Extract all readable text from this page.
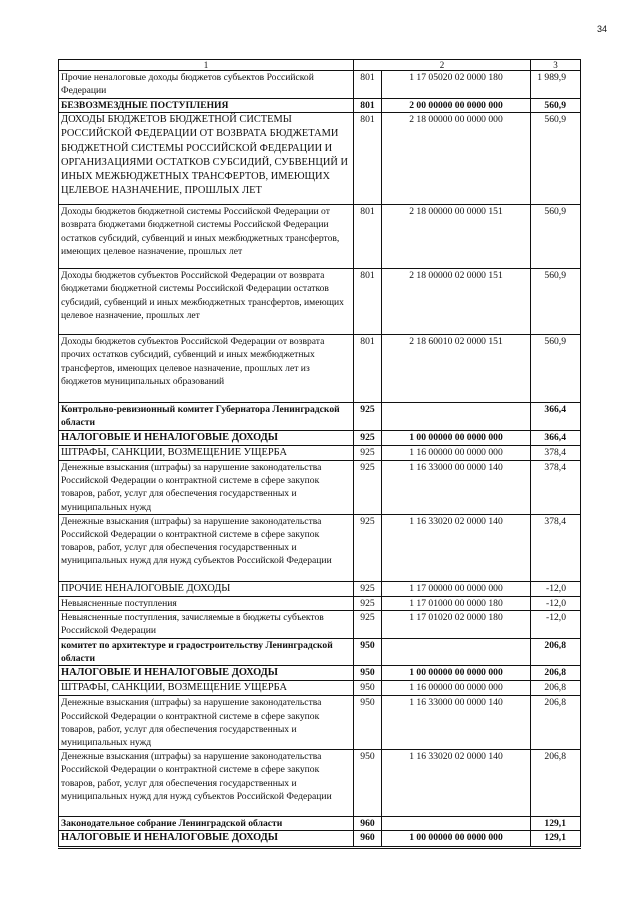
34
1	2		3
Прочие неналоговые доходы бюджетов субъектов Российской Федерации	801	1 17 05020 02 0000 180	1 989,9
БЕЗВОЗМЕЗДНЫЕ ПОСТУПЛЕНИЯ	801	2 00 00000 00 0000 000	560,9
ДОХОДЫ БЮДЖЕТОВ БЮДЖЕТНОЙ СИСТЕМЫ РОССИЙСКОЙ ФЕДЕРАЦИИ ОТ ВОЗВРАТА БЮДЖЕТАМИ БЮДЖЕТНОЙ СИСТЕМЫ РОССИЙСКОЙ ФЕДЕРАЦИИ И ОРГАНИЗАЦИЯМИ ОСТАТКОВ СУБСИДИЙ, СУБВЕНЦИЙ И ИНЫХ МЕЖБЮДЖЕТНЫХ ТРАНСФЕРТОВ, ИМЕЮЩИХ ЦЕЛЕВОЕ НАЗНАЧЕНИЕ, ПРОШЛЫХ ЛЕТ	801	2 18 00000 00 0000 000	560,9
Доходы бюджетов бюджетной системы Российской Федерации от возврата бюджетами бюджетной системы Российской Федерации остатков субсидий, субвенций и иных межбюджетных трансфертов, имеющих целевое назначение, прошлых лет	801	2 18 00000 00 0000 151	560,9
Доходы бюджетов субъектов Российской Федерации от возврата бюджетами бюджетной системы Российской Федерации остатков субсидий, субвенций и иных межбюджетных трансфертов, имеющих целевое назначение, прошлых лет	801	2 18 00000 02 0000 151	560,9
Доходы бюджетов субъектов Российской Федерации от возврата прочих остатков субсидий, субвенций и иных межбюджетных трансфертов, имеющих целевое назначение, прошлых лет из бюджетов муниципальных образований	801	2 18 60010 02 0000 151	560,9
Контрольно-ревизионный комитет Губернатора Ленинградской области	925		366,4
НАЛОГОВЫЕ И НЕНАЛОГОВЫЕ ДОХОДЫ	925	1 00 00000 00 0000 000	366,4
ШТРАФЫ, САНКЦИИ, ВОЗМЕЩЕНИЕ УЩЕРБА	925	1 16 00000 00 0000 000	378,4
Денежные взыскания (штрафы) за нарушение законодательства Российской Федерации о контрактной системе в сфере закупок товаров, работ, услуг для обеспечения государственных и муниципальных нужд	925	1 16 33000 00 0000 140	378,4
Денежные взыскания (штрафы) за нарушение законодательства Российской Федерации о контрактной системе в сфере закупок товаров, работ, услуг для обеспечения государственных и муниципальных нужд для нужд субъектов Российской Федерации	925	1 16 33020 02 0000 140	378,4
ПРОЧИЕ НЕНАЛОГОВЫЕ ДОХОДЫ	925	1 17 00000 00 0000 000	-12,0
Невыясненные поступления	925	1 17 01000 00 0000 180	-12,0
Невыясненные поступления, зачисляемые в бюджеты субъектов Российской Федерации	925	1 17 01020 02 0000 180	-12,0
комитет по архитектуре и градостроительству Ленинградской области	950		206,8
НАЛОГОВЫЕ И НЕНАЛОГОВЫЕ ДОХОДЫ	950	1 00 00000 00 0000 000	206,8
ШТРАФЫ, САНКЦИИ, ВОЗМЕЩЕНИЕ УЩЕРБА	950	1 16 00000 00 0000 000	206,8
Денежные взыскания (штрафы) за нарушение законодательства Российской Федерации о контрактной системе в сфере закупок товаров, работ, услуг для обеспечения государственных и муниципальных нужд	950	1 16 33000 00 0000 140	206,8
Денежные взыскания (штрафы) за нарушение законодательства Российской Федерации о контрактной системе в сфере закупок товаров, работ, услуг для обеспечения государственных и муниципальных нужд для нужд субъектов Российской Федерации	950	1 16 33020 02 0000 140	206,8
Законодательное собрание Ленинградской области	960		129,1
НАЛОГОВЫЕ И НЕНАЛОГОВЫЕ ДОХОДЫ	960	1 00 00000 00 0000 000	129,1
